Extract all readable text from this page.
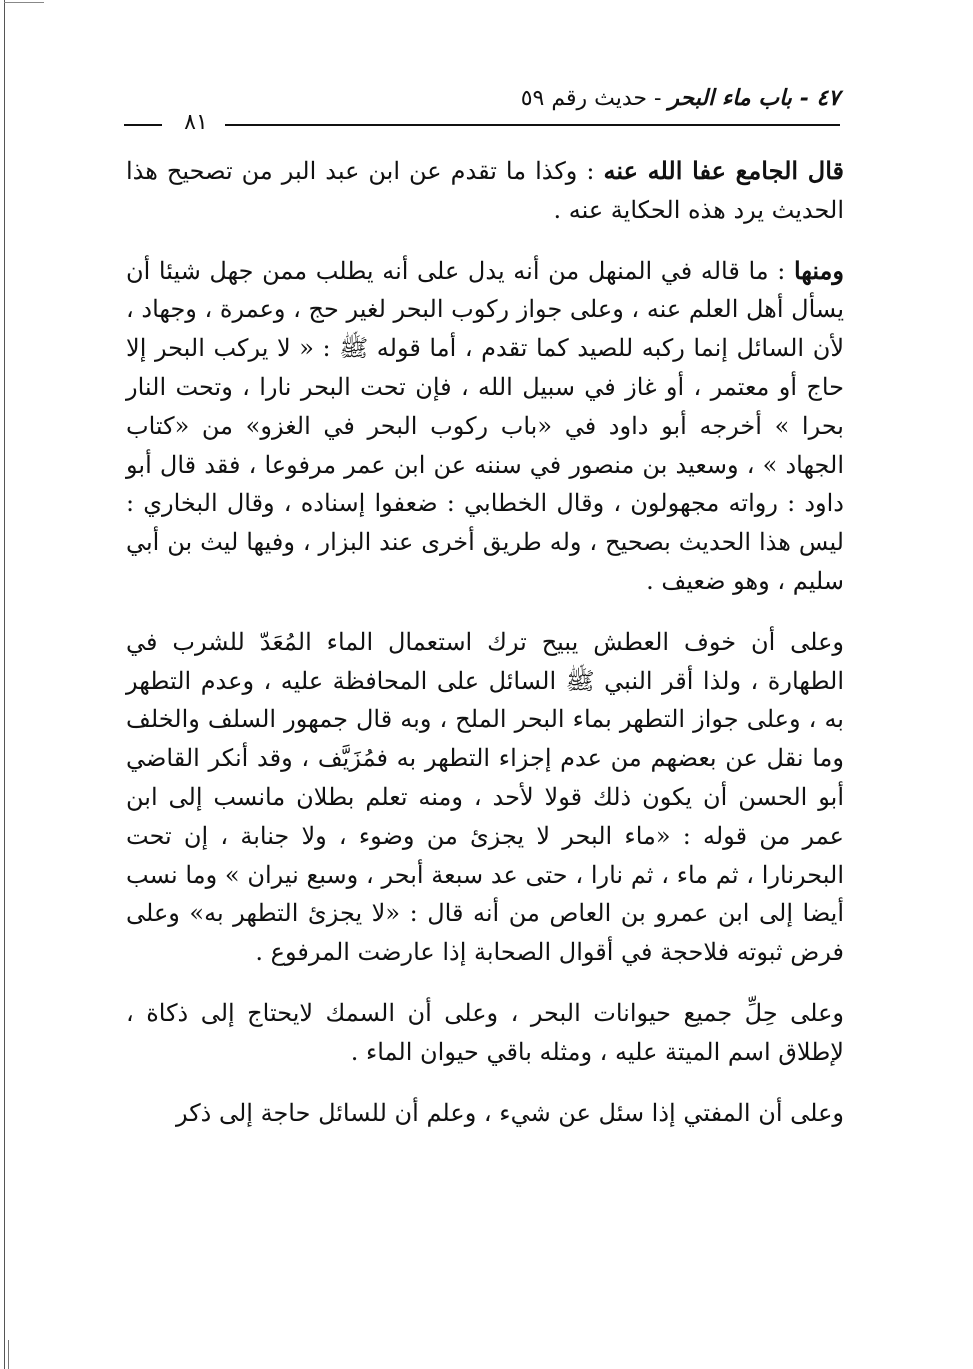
٤٧ - باب ماء البحر - حديث رقم ٥٩
٨١

قال الجامع عفا الله عنه : وكذا ما تقدم عن ابن عبد البر من تصحيح هذا الحديث يرد هذه الحكاية عنه .

ومنها : ما قاله في المنهل من أنه يدل على أنه يطلب ممن جهل شيئا أن يسأل أهل العلم عنه ، وعلى جواز ركوب البحر لغير حج ، وعمرة ، وجهاد ، لأن السائل إنما ركبه للصيد كما تقدم ، أما قوله ﷺ : « لا يركب البحر إلا حاج أو معتمر ، أو غاز في سبيل الله ، فإن تحت البحر نارا ، وتحت النار بحرا » أخرجه أبو داود في «باب ركوب البحر في الغزو» من «كتاب الجهاد » ، وسعيد بن منصور في سننه عن ابن عمر مرفوعا ، فقد قال أبو داود : رواته مجهولون ، وقال الخطابي : ضعفوا إسناده ، وقال البخاري : ليس هذا الحديث بصحيح ، وله طريق أخرى عند البزار ، وفيها ليث بن أبي سليم ، وهو ضعيف .

وعلى أن خوف العطش يبيح ترك استعمال الماء المُعَدّ للشرب في الطهارة ، ولذا أقر النبي ﷺ السائل على المحافظة عليه ، وعدم التطهر به ، وعلى جواز التطهر بماء البحر الملح ، وبه قال جمهور السلف والخلف وما نقل عن بعضهم من عدم إجزاء التطهر به فمُزَيَّف ، وقد أنكر القاضي أبو الحسن أن يكون ذلك قولا لأحد ، ومنه تعلم بطلان مانسب إلى ابن عمر من قوله : «ماء البحر لا يجزئ من وضوء ، ولا جنابة ، إن تحت البحرنارا ، ثم ماء ، ثم نارا ، حتى عد سبعة أبحر ، وسبع نيران » وما نسب أيضا إلى ابن عمرو بن العاص من أنه قال : «لا يجزئ التطهر به» وعلى فرض ثبوته فلاحجة في أقوال الصحابة إذا عارضت المرفوع .

وعلى حِلِّ جميع حيوانات البحر ، وعلى أن السمك لايحتاج إلى ذكاة ، لإطلاق اسم الميتة عليه ، ومثله باقي حيوان الماء .

وعلى أن المفتي إذا سئل عن شيء ، وعلم أن للسائل حاجة إلى ذكر
